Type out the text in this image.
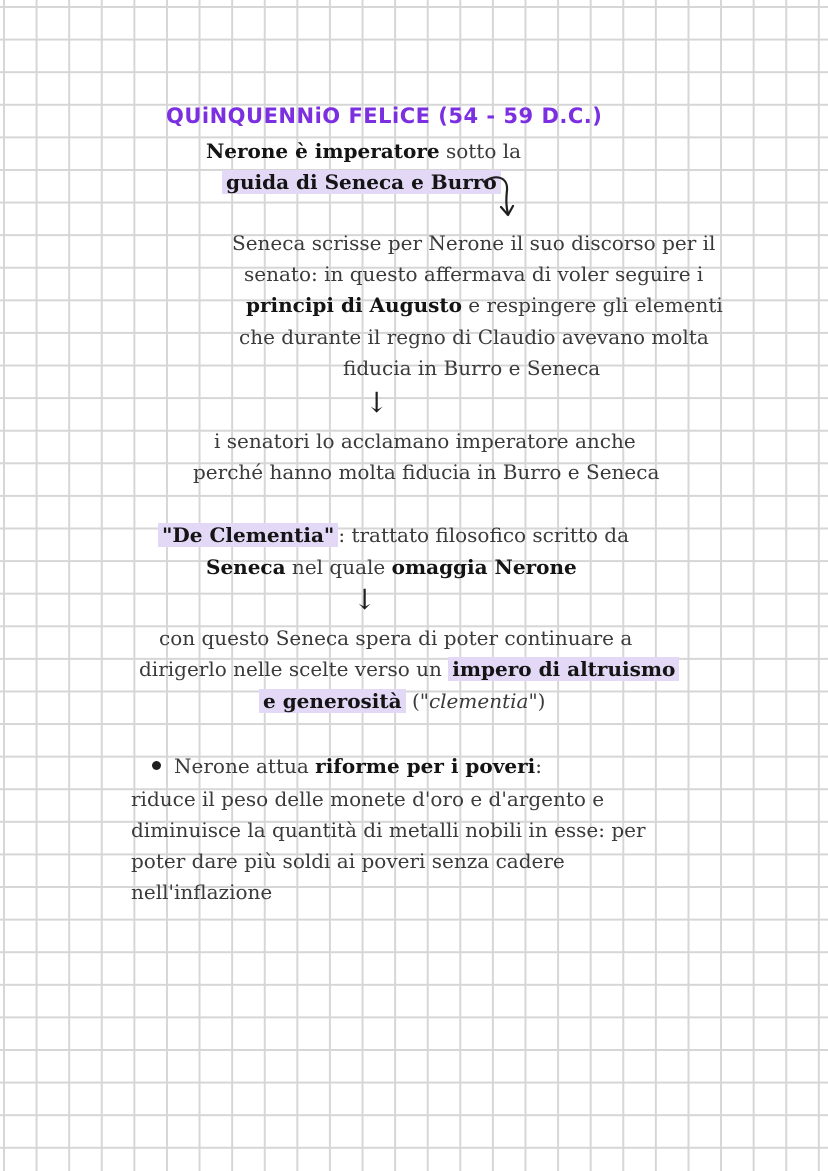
QUiNQUENNiO FELiCE (54 - 59 D.C.)
Nerone è imperatore sotto la
guida di Seneca e Burro
Seneca scrisse per Nerone il suo discorso per il
senato: in questo affermava di voler seguire i
principi di Augusto e respingere gli elementi
che durante il regno di Claudio avevano molta
fiducia in Burro e Seneca
↓
i senatori lo acclamano imperatore anche
perché hanno molta fiducia in Burro e Seneca
"De Clementia" : trattato filosofico scritto da
Seneca nel quale omaggia Nerone
↓
con questo Seneca spera di poter continuare a
dirigerlo nelle scelte verso un impero di altruismo
e generosità ("clementia")
Nerone attua riforme per i poveri:
riduce il peso delle monete d'oro e d'argento e
diminuisce la quantità di metalli nobili in esse: per
poter dare più soldi ai poveri senza cadere
nell'inflazione
